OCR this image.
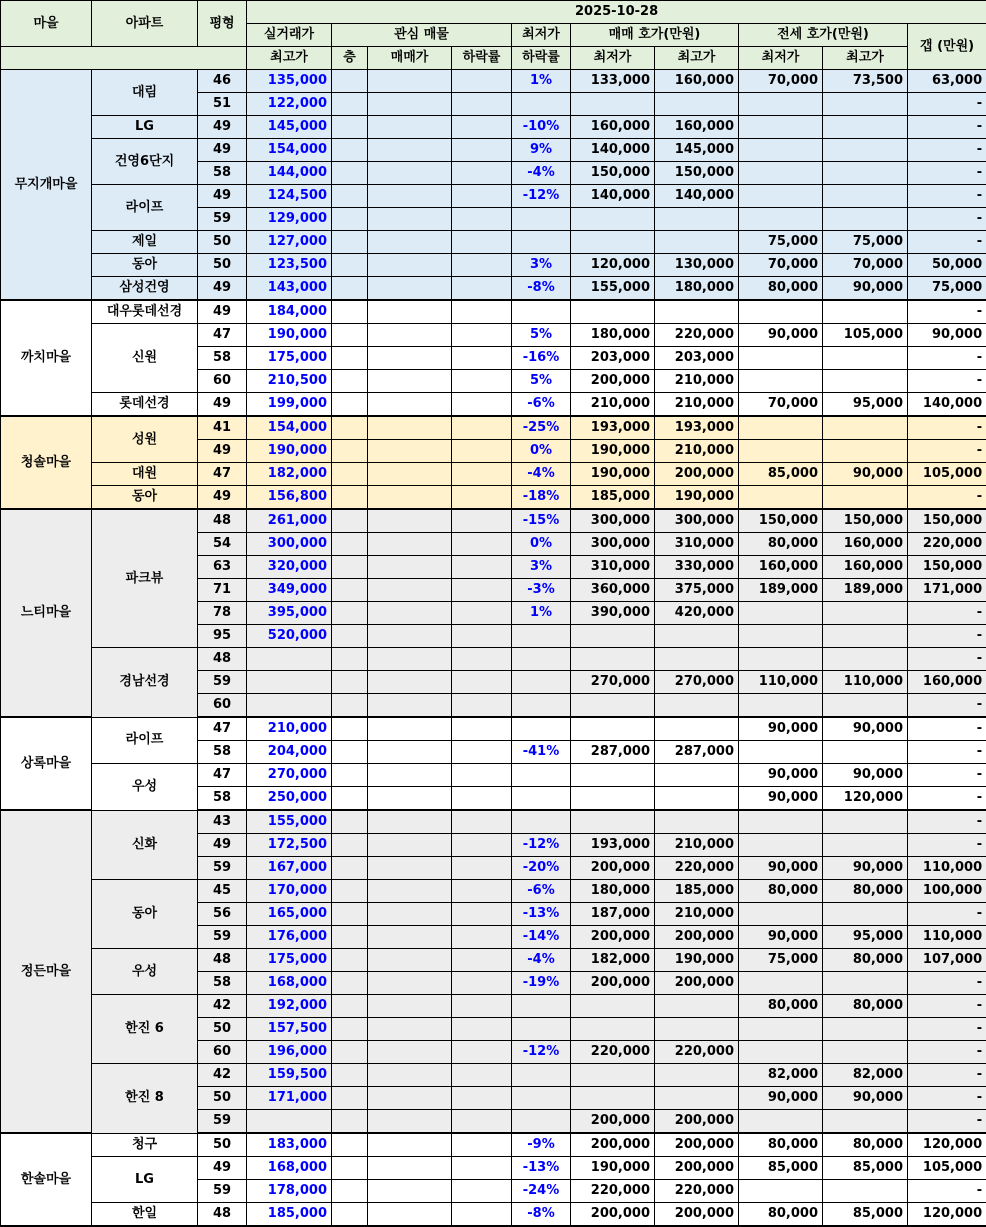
마을	아파트	평형	2025-10-28									
			실거래가	관심 매물			최저가	매매 호가(만원)		전세 호가(만원)		갭 (만원)
			최고가	층	매매가	하락률	하락률	최저가	최고가	최저가	최고가	
무지개마을	대림	46	135,000				1%	133,000	160,000	70,000	73,500	63,000
		51	122,000									-
	LG	49	145,000				-10%	160,000	160,000			-
	건영6단지	49	154,000				9%	140,000	145,000			-
		58	144,000				-4%	150,000	150,000			-
	라이프	49	124,500				-12%	140,000	140,000			-
		59	129,000									-
	제일	50	127,000							75,000	75,000	-
	동아	50	123,500				3%	120,000	130,000	70,000	70,000	50,000
	삼성건영	49	143,000				-8%	155,000	180,000	80,000	90,000	75,000
까치마을	대우롯데선경	49	184,000									-
	신원	47	190,000				5%	180,000	220,000	90,000	105,000	90,000
		58	175,000				-16%	203,000	203,000			-
		60	210,500				5%	200,000	210,000			-
	롯데선경	49	199,000				-6%	210,000	210,000	70,000	95,000	140,000
청솔마을	성원	41	154,000				-25%	193,000	193,000			-
		49	190,000				0%	190,000	210,000			-
	대원	47	182,000				-4%	190,000	200,000	85,000	90,000	105,000
	동아	49	156,800				-18%	185,000	190,000			-
느티마을	파크뷰	48	261,000				-15%	300,000	300,000	150,000	150,000	150,000
		54	300,000				0%	300,000	310,000	80,000	160,000	220,000
		63	320,000				3%	310,000	330,000	160,000	160,000	150,000
		71	349,000				-3%	360,000	375,000	189,000	189,000	171,000
		78	395,000				1%	390,000	420,000			-
		95	520,000									-
	경남선경	48										-
		59						270,000	270,000	110,000	110,000	160,000
		60										-
상록마을	라이프	47	210,000							90,000	90,000	-
		58	204,000				-41%	287,000	287,000			-
	우성	47	270,000							90,000	90,000	-
		58	250,000							90,000	120,000	-
정든마을	신화	43	155,000									-
		49	172,500				-12%	193,000	210,000			-
		59	167,000				-20%	200,000	220,000	90,000	90,000	110,000
	동아	45	170,000				-6%	180,000	185,000	80,000	80,000	100,000
		56	165,000				-13%	187,000	210,000			-
		59	176,000				-14%	200,000	200,000	90,000	95,000	110,000
	우성	48	175,000				-4%	182,000	190,000	75,000	80,000	107,000
		58	168,000				-19%	200,000	200,000			-
	한진 6	42	192,000							80,000	80,000	-
		50	157,500									-
		60	196,000				-12%	220,000	220,000			-
	한진 8	42	159,500							82,000	82,000	-
		50	171,000							90,000	90,000	-
		59						200,000	200,000			-
한솔마을	청구	50	183,000				-9%	200,000	200,000	80,000	80,000	120,000
	LG	49	168,000				-13%	190,000	200,000	85,000	85,000	105,000
		59	178,000				-24%	220,000	220,000			-
	한일	48	185,000				-8%	200,000	200,000	80,000	85,000	120,000
